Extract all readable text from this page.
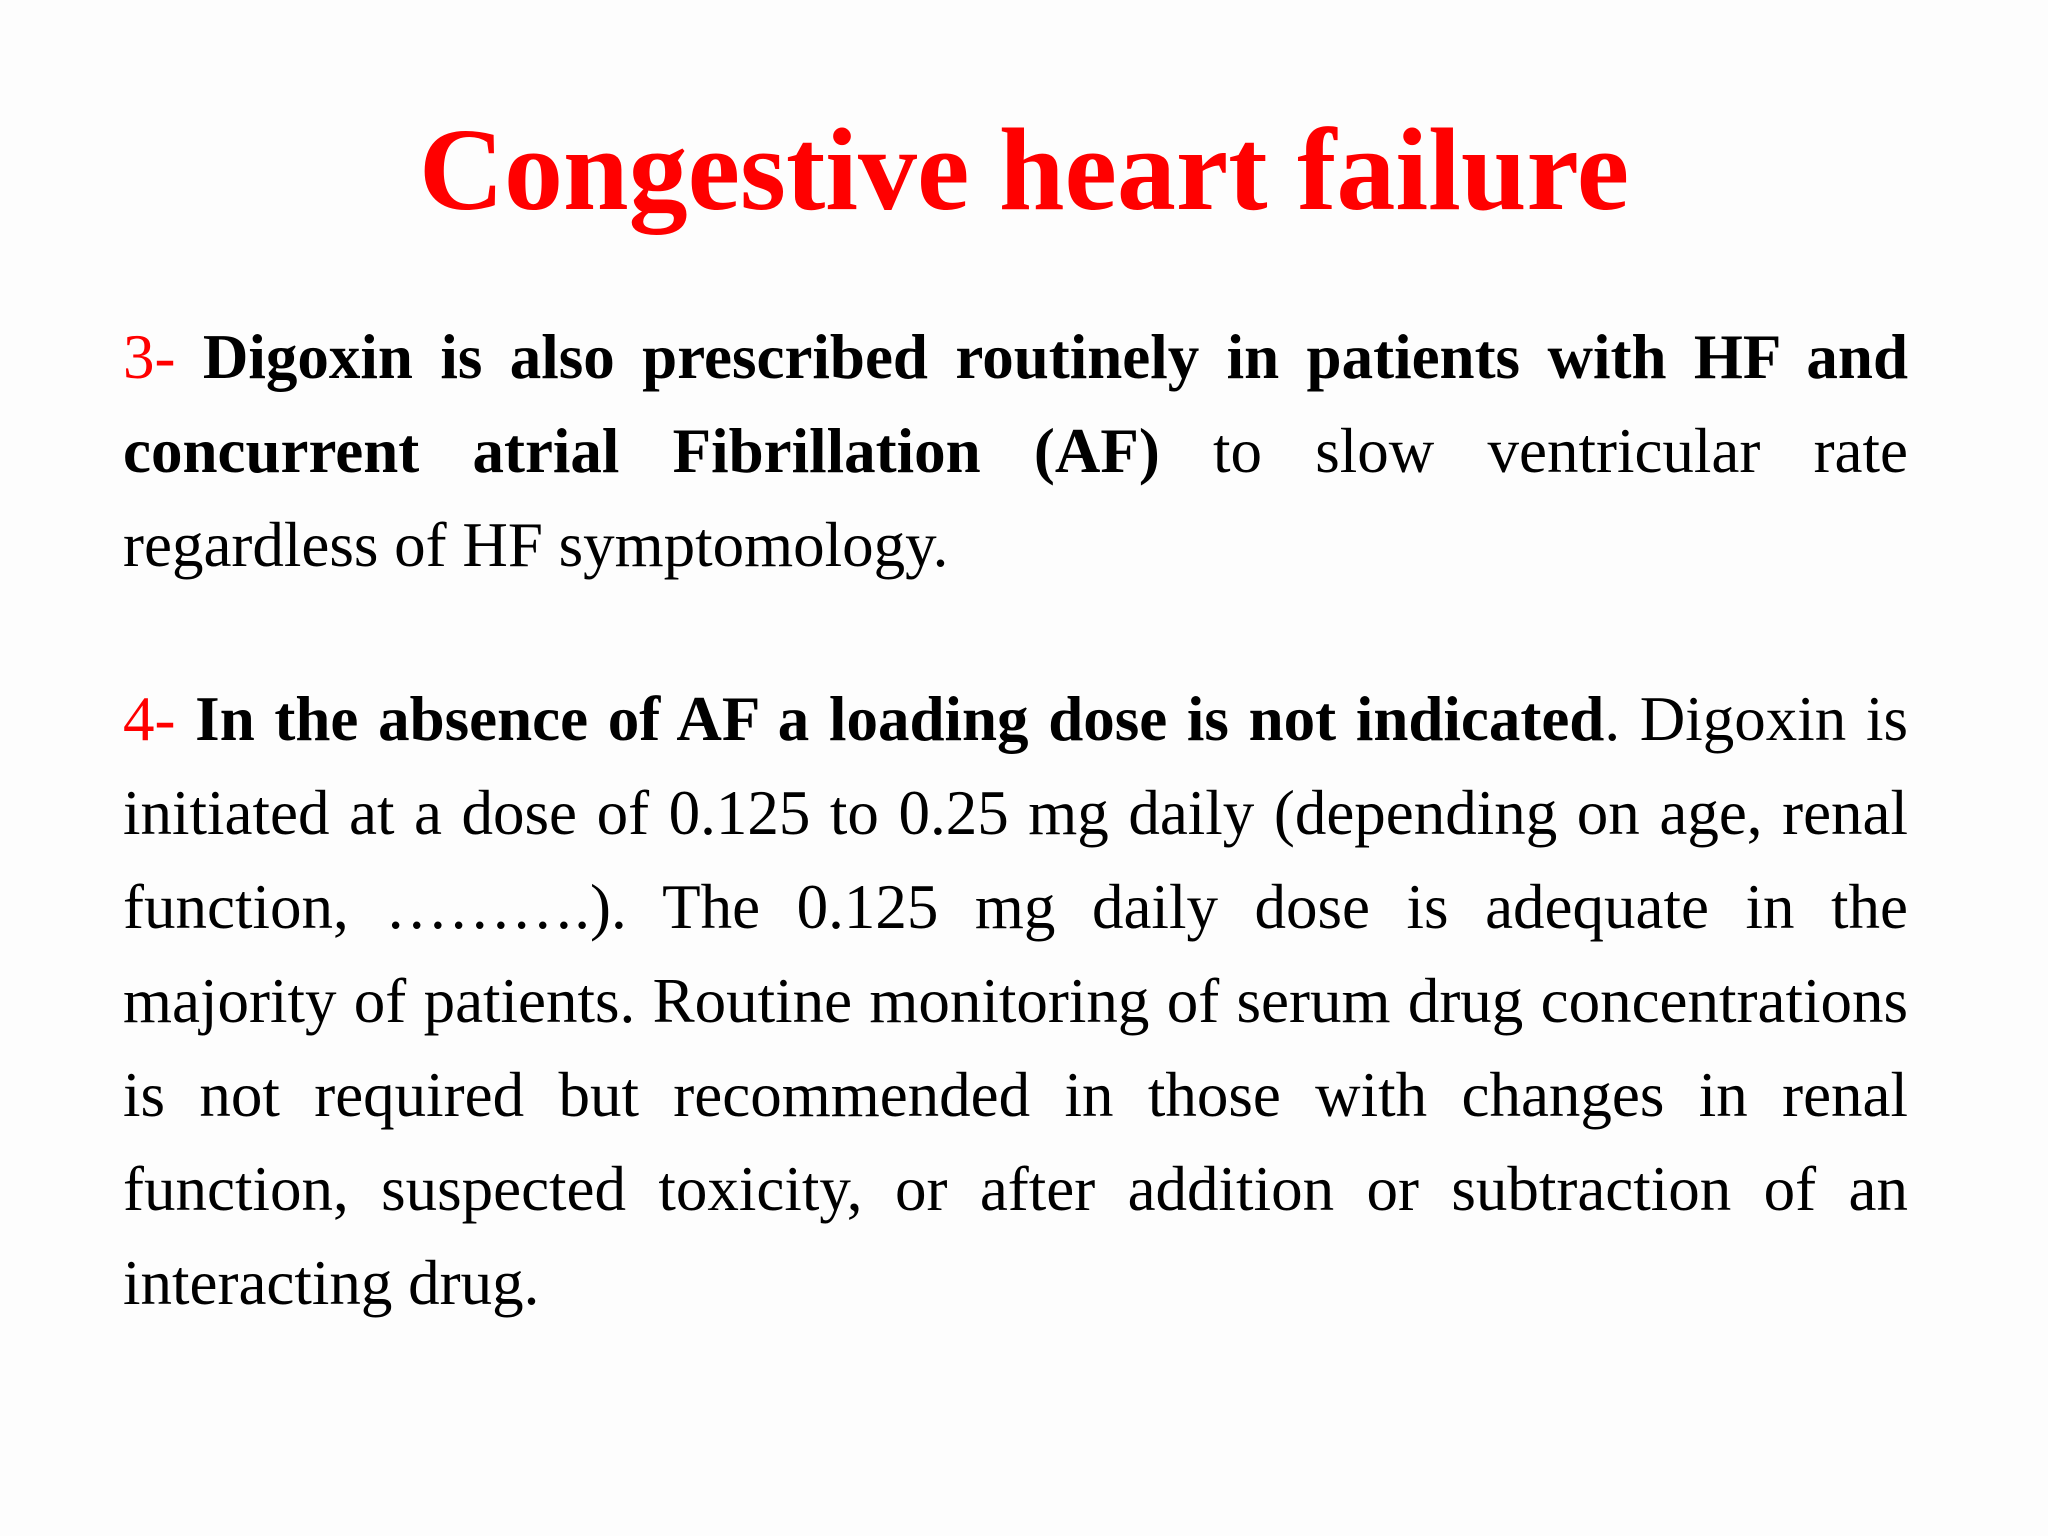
Congestive heart failure

3- Digoxin is also prescribed routinely in patients with HF and concurrent atrial Fibrillation (AF) to slow ventricular rate regardless of HF symptomology.

4- In the absence of AF a loading dose is not indicated. Digoxin is initiated at a dose of 0.125 to 0.25 mg daily (depending on age, renal function, ……….). The 0.125 mg daily dose is adequate in the majority of patients. Routine monitoring of serum drug concentrations is not required but recommended in those with changes in renal function, suspected toxicity, or after addition or subtraction of an interacting drug.
